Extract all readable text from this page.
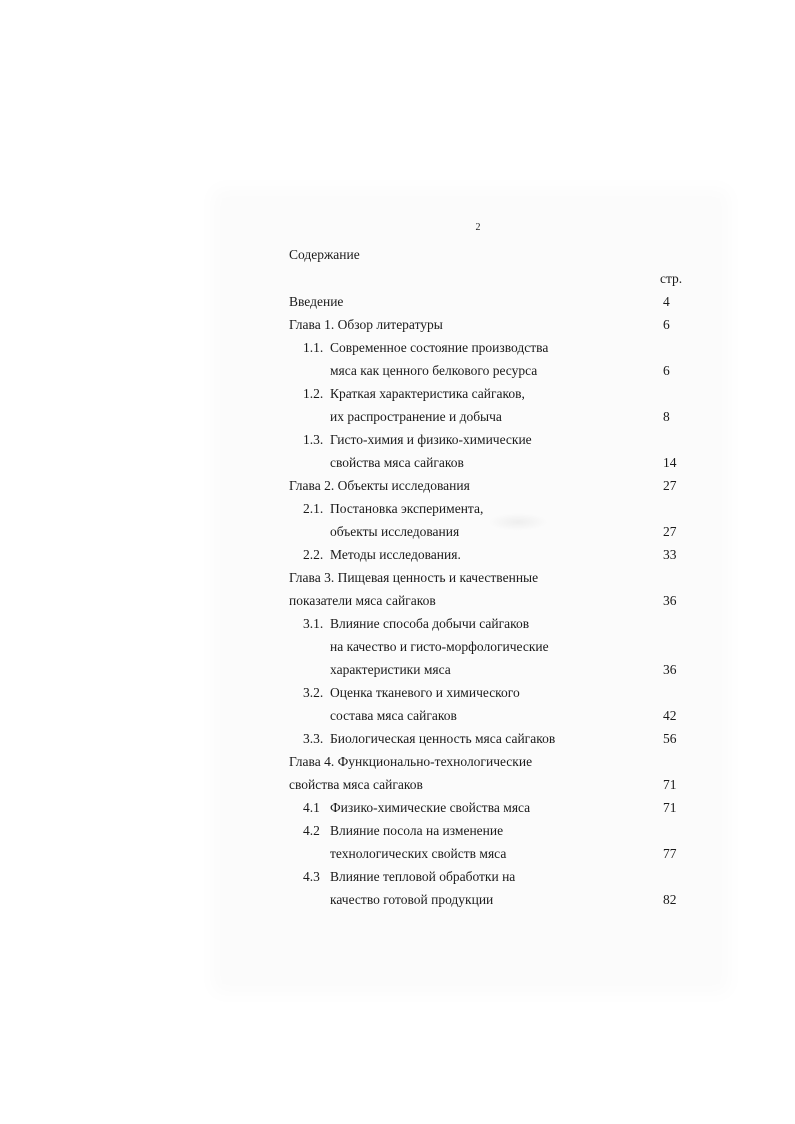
2
Содержание
стр.
Введение	4
Глава 1. Обзор литературы	6
1.1. Современное состояние производства
мяса как ценного белкового ресурса	6
1.2. Краткая характеристика сайгаков,
их распространение и добыча	8
1.3. Гисто-химия и физико-химические
свойства мяса сайгаков	14
Глава 2. Объекты исследования	27
2.1. Постановка эксперимента,
объекты исследования	27
2.2. Методы исследования.	33
Глава 3. Пищевая ценность и качественные
показатели мяса сайгаков	36
3.1. Влияние способа добычи сайгаков
на качество и гисто-морфологические
характеристики мяса	36
3.2. Оценка тканевого и химического
состава мяса сайгаков	42
3.3. Биологическая ценность мяса сайгаков	56
Глава 4. Функционально-технологические
свойства мяса сайгаков	71
4.1 Физико-химические свойства мяса	71
4.2 Влияние посола на изменение
технологических свойств мяса	77
4.3 Влияние тепловой обработки на
качество готовой продукции	82
